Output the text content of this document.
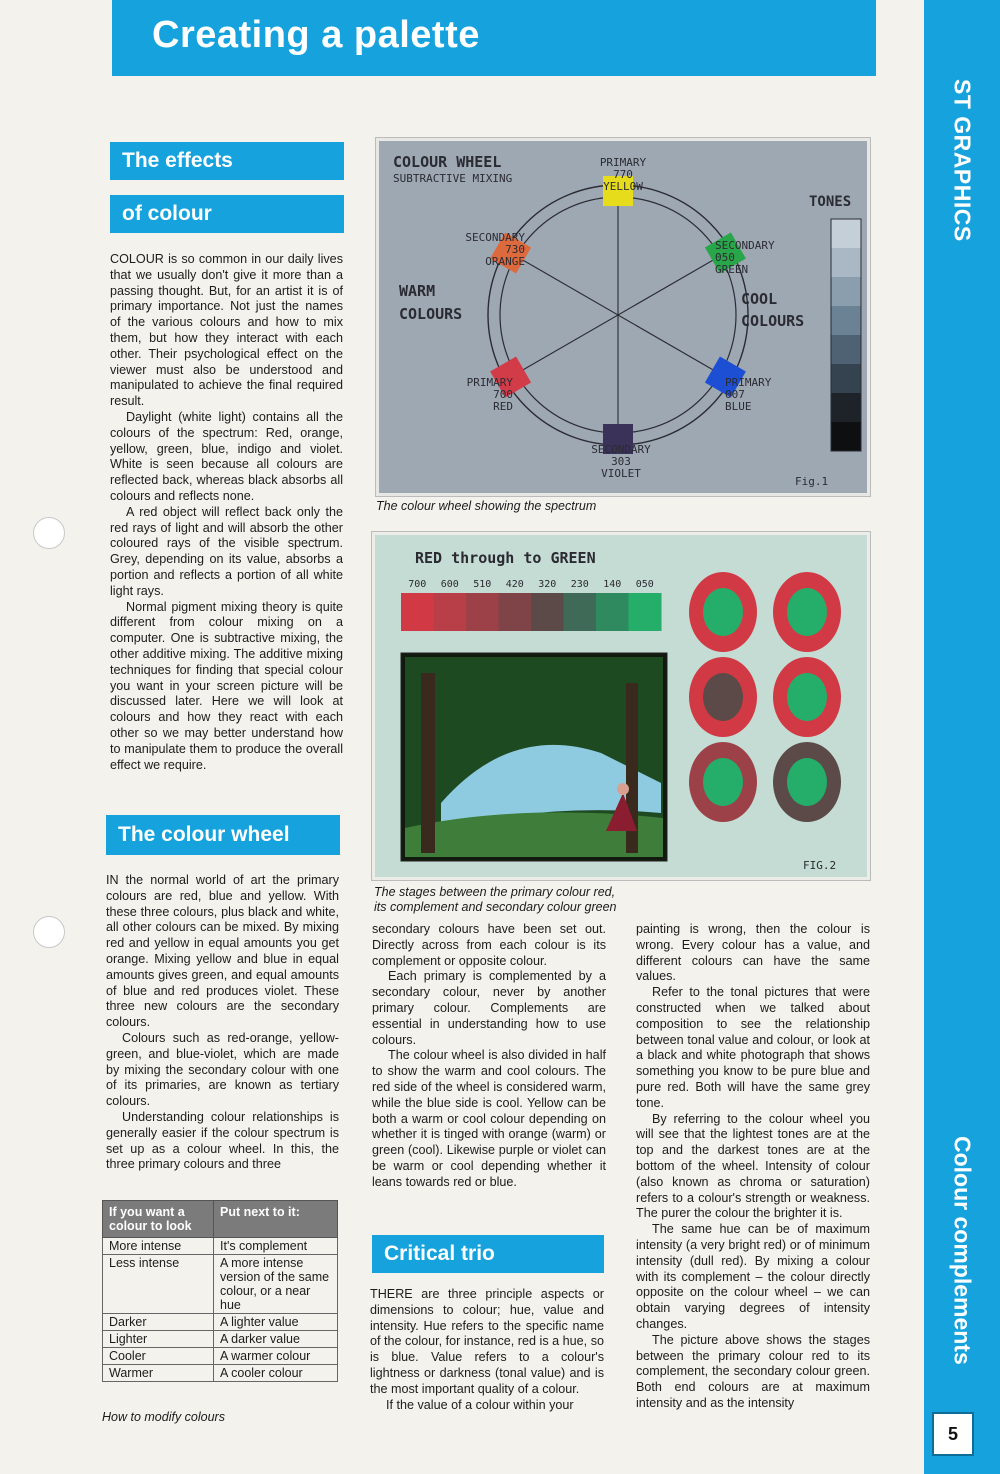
Creating a palette
ST GRAPHICS
Colour complements
5
The effects
of colour

COLOUR is so common in our daily lives that we usually don't give it more than a passing thought. But, for an artist it is of primary importance. Not just the names of the various colours and how to mix them, but how they interact with each other. Their psychological effect on the viewer must also be understood and manipulated to achieve the final required result.

Daylight (white light) contains all the colours of the spectrum: Red, orange, yellow, green, blue, indigo and violet. White is seen because all colours are reflected back, whereas black absorbs all colours and reflects none.

A red object will reflect back only the red rays of light and will absorb the other coloured rays of the visible spectrum. Grey, depending on its value, absorbs a portion and reflects a portion of all white light rays.

Normal pigment mixing theory is quite different from colour mixing on a computer. One is subtractive mixing, the other additive mixing. The additive mixing techniques for finding that special colour you want in your screen picture will be discussed later. Here we will look at colours and how they react with each other so we may better understand how to manipulate them to produce the overall effect we require.

The colour wheel

IN the normal world of art the primary colours are red, blue and yellow. With these three colours, plus black and white, all other colours can be mixed. By mixing red and yellow in equal amounts you get orange. Mixing yellow and blue in equal amounts gives green, and equal amounts of blue and red produces violet. These three new colours are the secondary colours.

Colours such as red-orange, yellow-green, and blue-violet, which are made by mixing the secondary colour with one of its primaries, are known as tertiary colours.

Understanding colour relationships is generally easier if the colour spectrum is set up as a colour wheel. In this, the three primary colours and three

If you want a colour to look	Put next to it:
More intense	It's complement
Less intense	A more intense version of the same colour, or a near hue
Darker	A lighter value
Lighter	A darker value
Cooler	A warmer colour
Warmer	A cooler colour
How to modify colours
COLOUR WHEEL
SUBTRACTIVE MIXING
TONES
WARM
COLOURS
COOL
COLOURS
PRIMARY
770
YELLOW
SECONDARY
050
GREEN
PRIMARY
007
BLUE
SECONDARY
303
VIOLET
PRIMARY
700
RED
SECONDARY
730
ORANGE
Fig.1
The colour wheel showing the spectrum
RED through to GREEN
700 600 510 420 320 230 140 050
FIG.2
The stages between the primary colour red,
its complement and secondary colour green

secondary colours have been set out. Directly across from each colour is its complement or opposite colour.

Each primary is complemented by a secondary colour, never by another primary colour. Complements are essential in understanding how to use colours.

The colour wheel is also divided in half to show the warm and cool colours. The red side of the wheel is considered warm, while the blue side is cool. Yellow can be both a warm or cool colour depending on whether it is tinged with orange (warm) or green (cool). Likewise purple or violet can be warm or cool depending whether it leans towards red or blue.

Critical trio

THERE are three principle aspects or dimensions to colour; hue, value and intensity. Hue refers to the specific name of the colour, for instance, red is a hue, so is blue. Value refers to a colour's lightness or darkness (tonal value) and is the most important quality of a colour.

If the value of a colour within your

painting is wrong, then the colour is wrong. Every colour has a value, and different colours can have the same values.

Refer to the tonal pictures that were constructed when we talked about composition to see the relationship between tonal value and colour, or look at a black and white photograph that shows something you know to be pure blue and pure red. Both will have the same grey tone.

By referring to the colour wheel you will see that the lightest tones are at the top and the darkest tones are at the bottom of the wheel. Intensity of colour (also known as chroma or saturation) refers to a colour's strength or weakness. The purer the colour the brighter it is.

The same hue can be of maximum intensity (a very bright red) or of minimum intensity (dull red). By mixing a colour with its complement – the colour directly opposite on the colour wheel – we can obtain varying degrees of intensity changes.

The picture above shows the stages between the primary colour red to its complement, the secondary colour green. Both end colours are at maximum intensity and as the intensity
